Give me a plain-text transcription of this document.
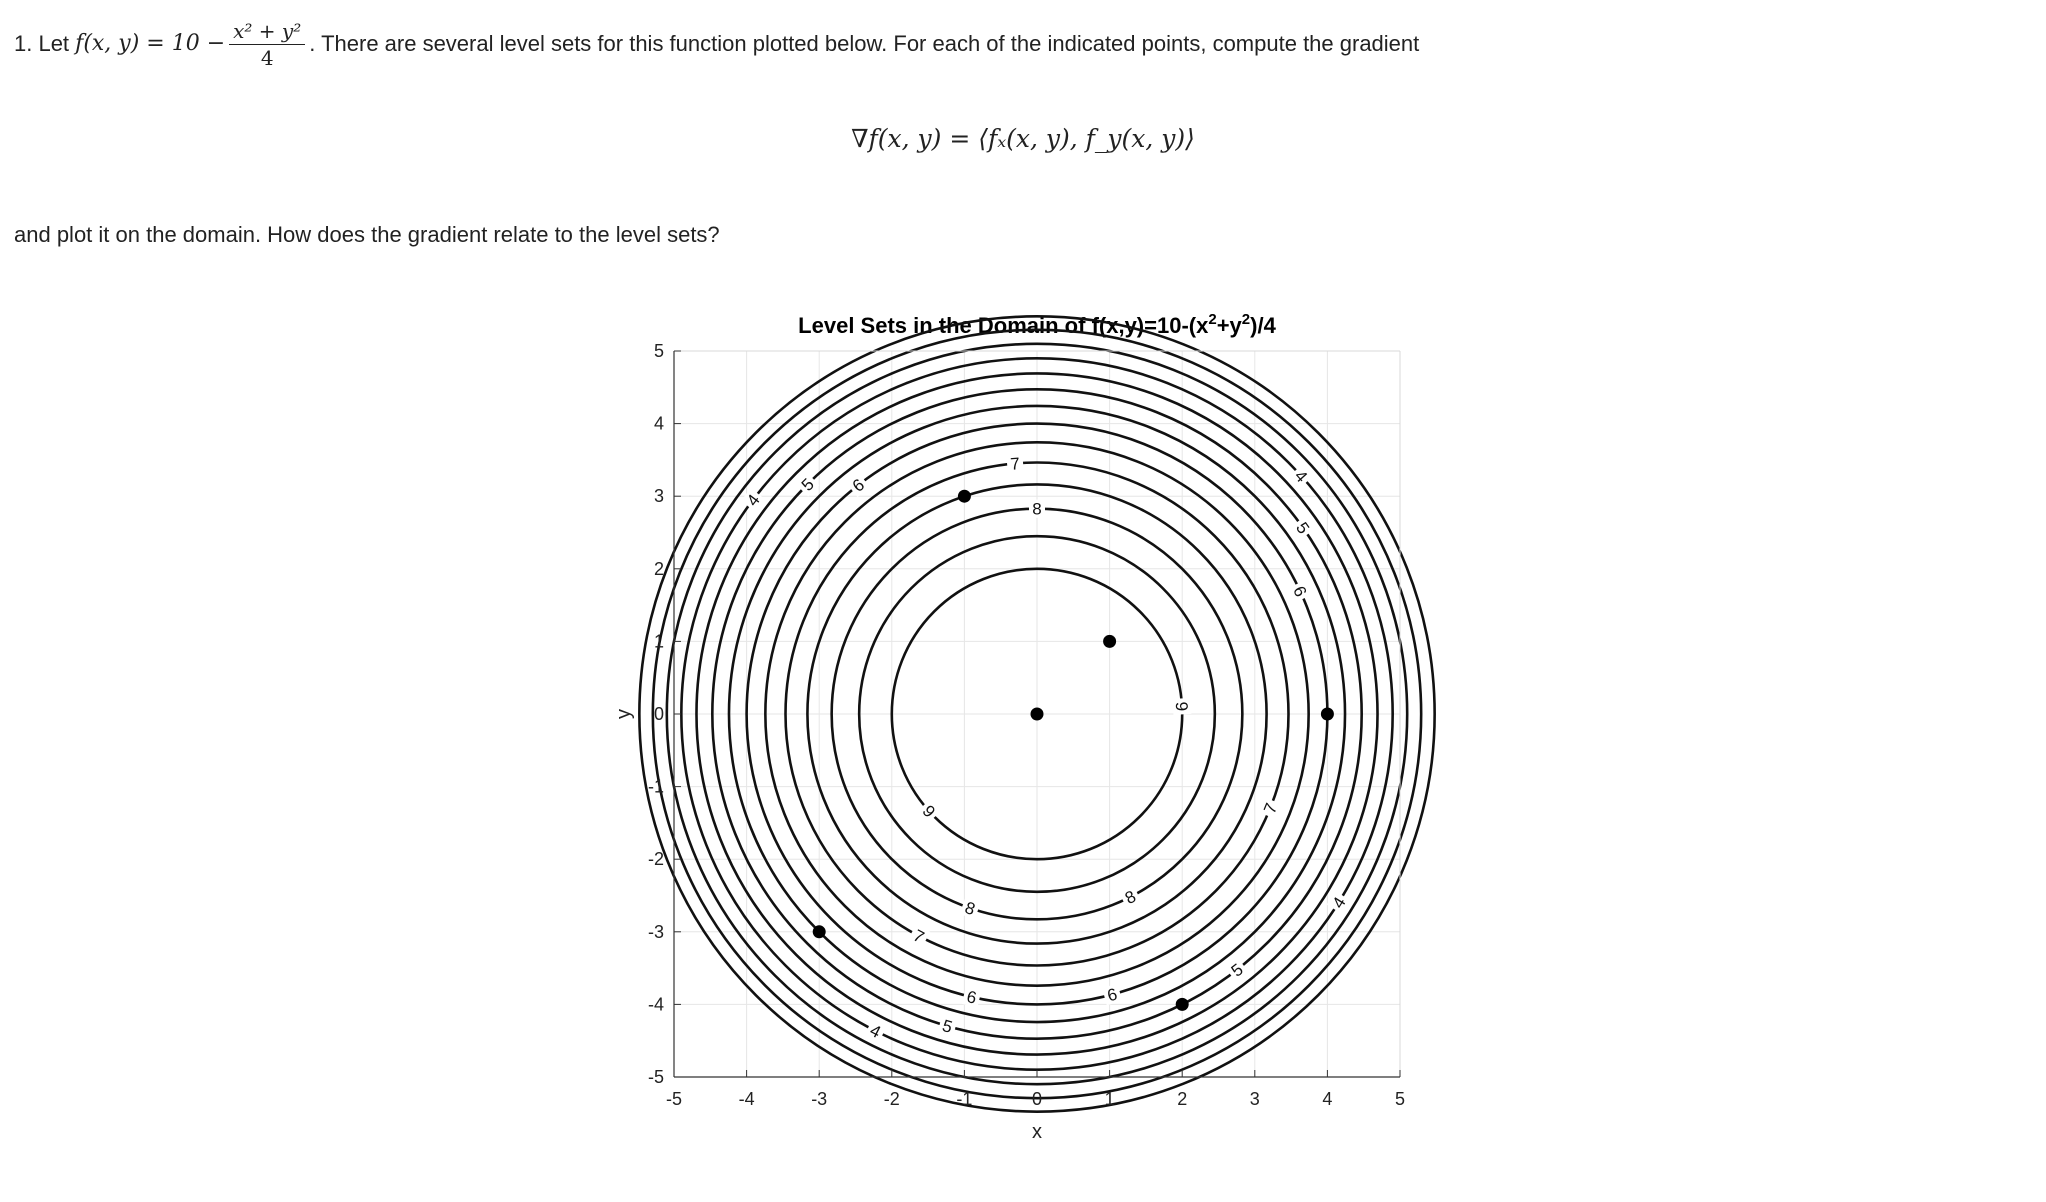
1. Let
f(x, $y) = 10 - \frac{\text{x² + y²}}{4}$ . There are several level sets for this function plotted below. For each of the indicated points, compute the gradient
∇f(x, y) = ⟨fₓ(x, y), f_y(x, y)⟩
and plot it on the domain. How does the gradient relate to the level sets?
Level Sets in the Domain of $f(x,y)=10-(x^2+y^2)/4$
4
4
4
4
5
5
5
5
6
6
6
6
7
7
7
8
8
8
9
9
-5	-4	-3	-2	-1	0	1	2	3	4	5
-5
-4
-3
-2
-1
0
1
2
3
4
5
x
y
